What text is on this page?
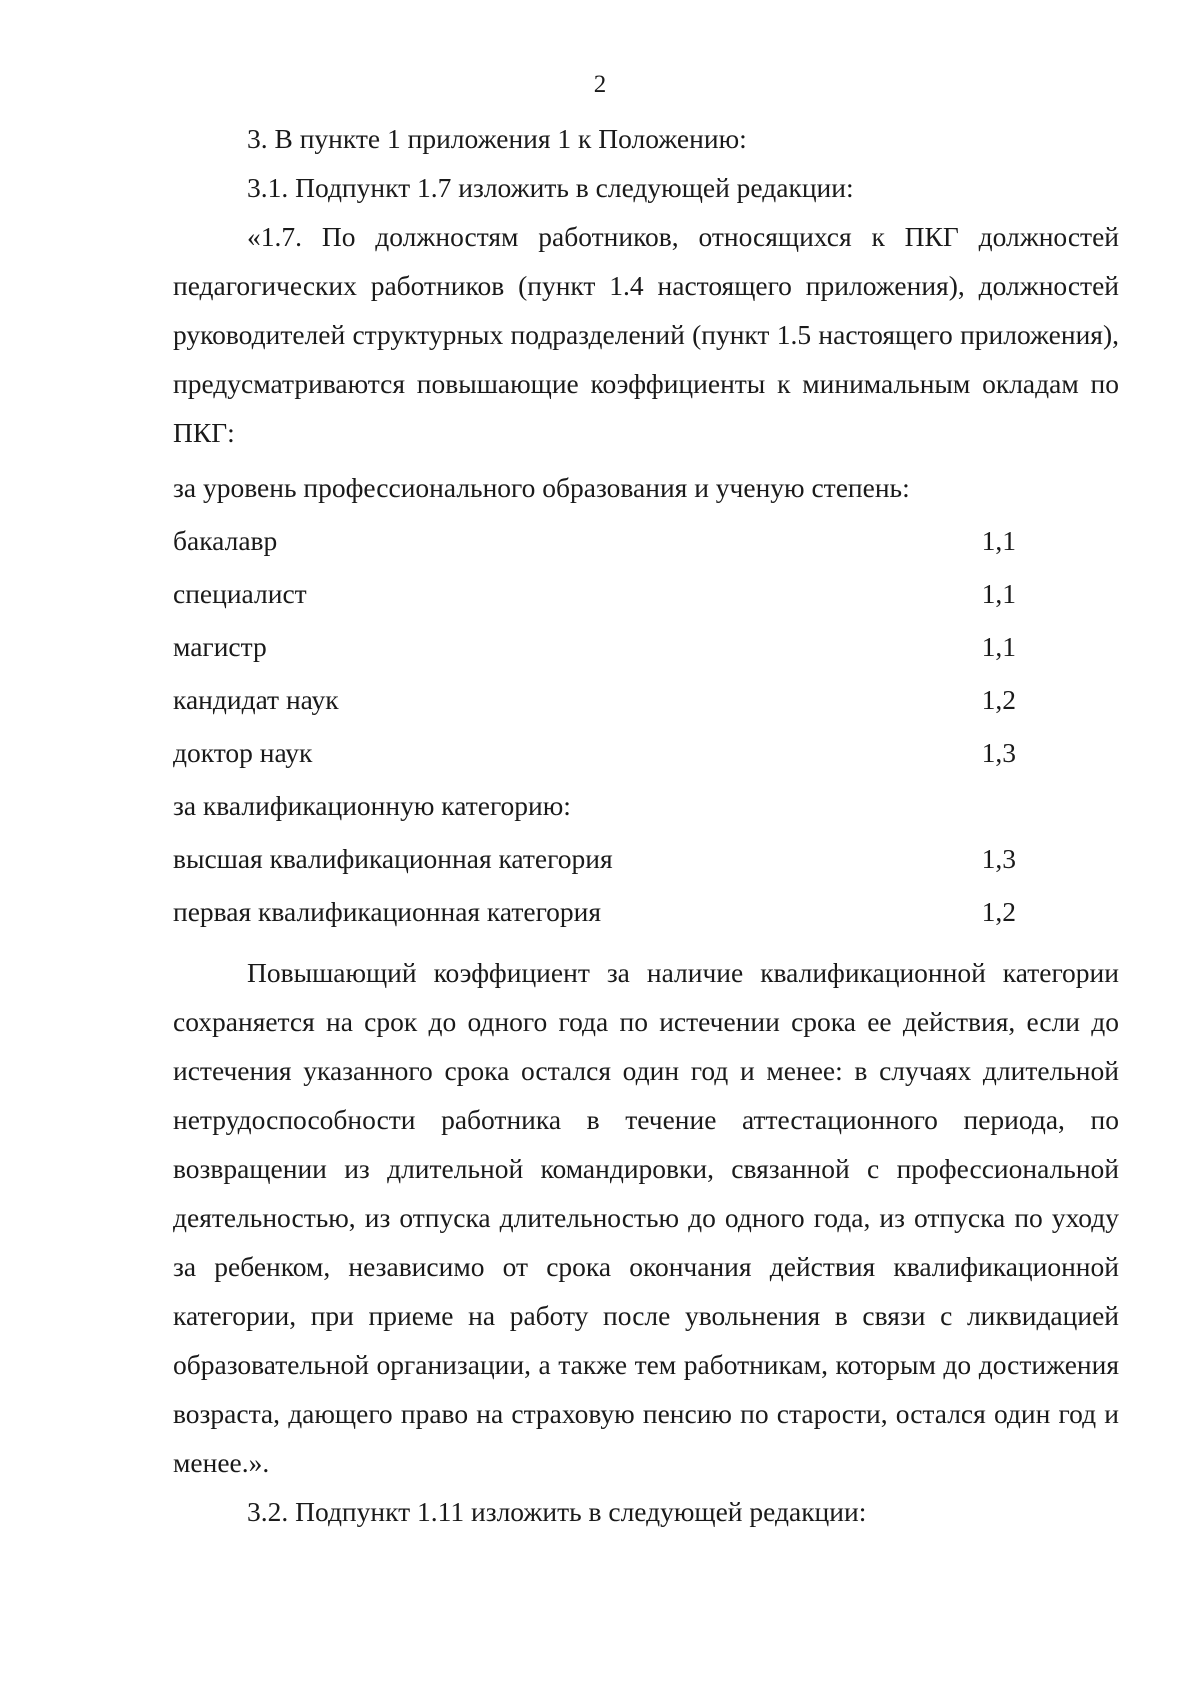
2

3. В пункте 1 приложения 1 к Положению:

3.1. Подпункт 1.7 изложить в следующей редакции:

«1.7. По должностям работников, относящихся к ПКГ должностей педагогических работников (пункт 1.4 настоящего приложения), должностей руководителей структурных подразделений (пункт 1.5 настоящего приложения), предусматриваются повышающие коэффициенты к минимальным окладам по ПКГ:

за уровень профессионального образования и ученую степень:

бакалавр	1,1
специалист	1,1
магистр	1,1
кандидат наук	1,2
доктор наук	1,3

за квалификационную категорию:

высшая квалификационная категория	1,3
первая квалификационная категория	1,2

Повышающий коэффициент за наличие квалификационной категории сохраняется на срок до одного года по истечении срока ее действия, если до истечения указанного срока остался один год и менее: в случаях длительной нетрудоспособности работника в течение аттестационного периода, по возвращении из длительной командировки, связанной с профессиональной деятельностью, из отпуска длительностью до одного года, из отпуска по уходу за ребенком, независимо от срока окончания действия квалификационной категории, при приеме на работу после увольнения в связи с ликвидацией образовательной организации, а также тем работникам, которым до достижения возраста, дающего право на страховую пенсию по старости, остался один год и менее.».

3.2. Подпункт 1.11 изложить в следующей редакции:
